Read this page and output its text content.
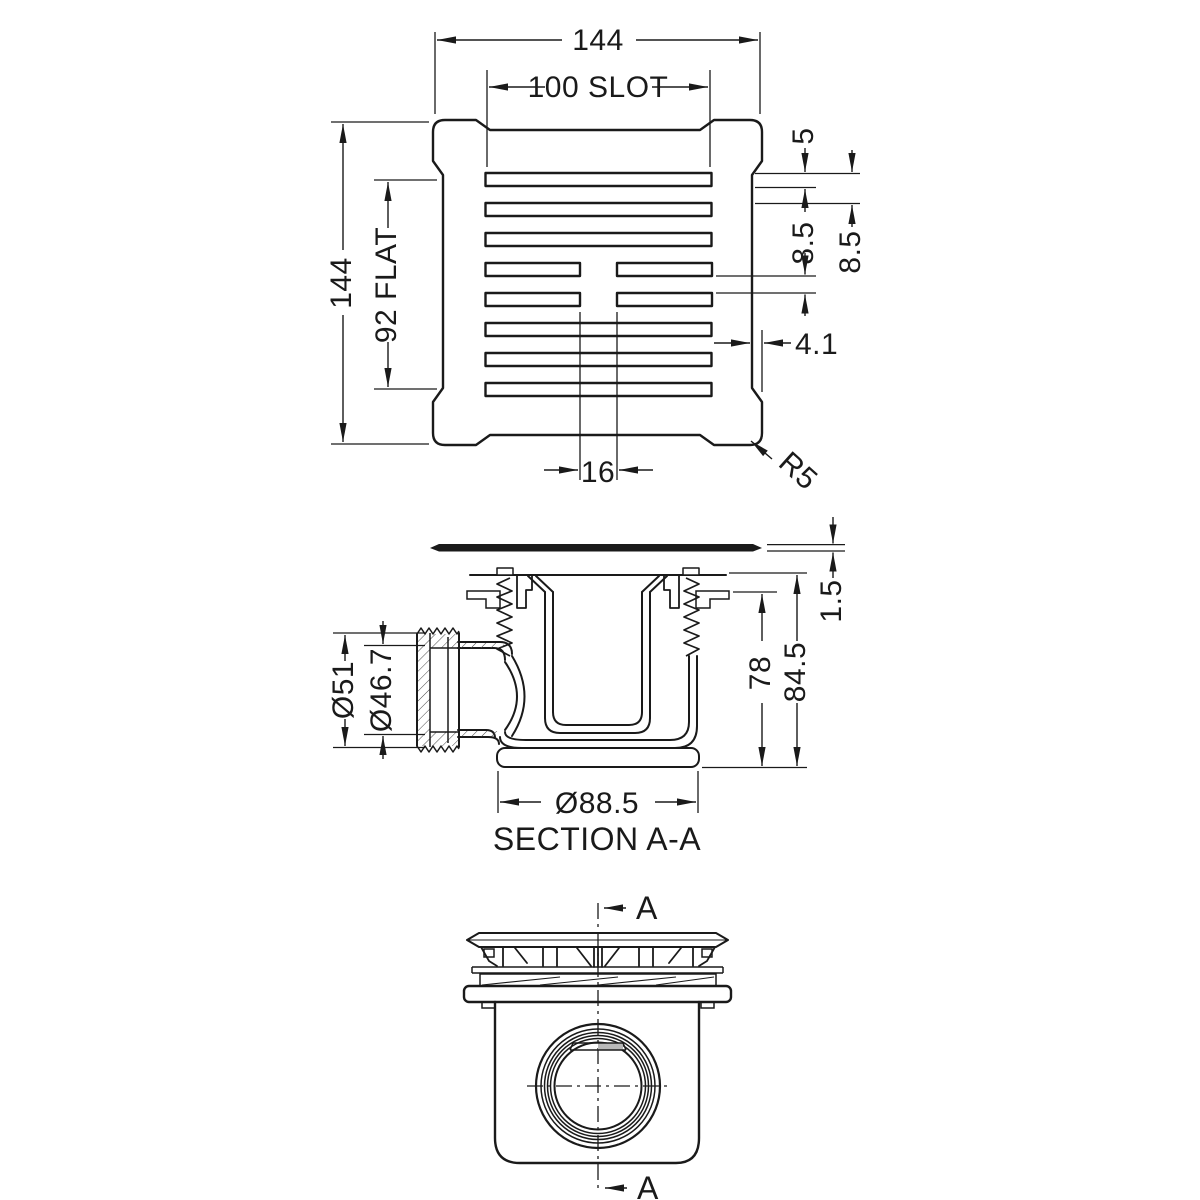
144
100 SLOT
144 92 FLAT
5
8.5 8.5
4.1
16	R5
1.5
78 84.5
Ø51 Ø46.7
Ø88.5
SECTION A-A
A
A
